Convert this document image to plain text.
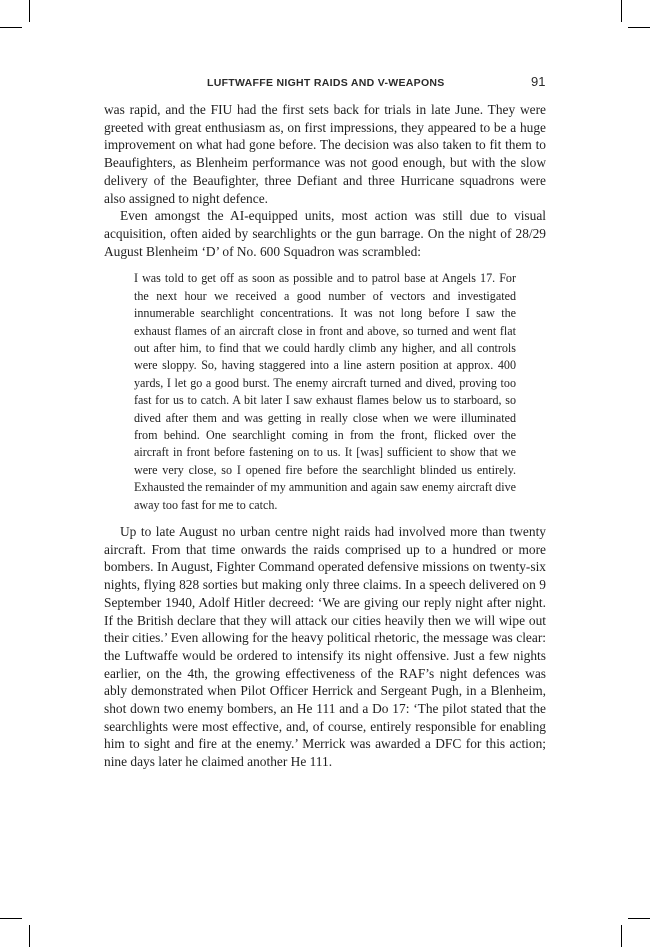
LUFTWAFFE NIGHT RAIDS AND V-WEAPONS	91

was rapid, and the FIU had the first sets back for trials in late June. They were greeted with great enthusiasm as, on first impressions, they appeared to be a huge improvement on what had gone before. The decision was also taken to fit them to Beaufighters, as Blenheim performance was not good enough, but with the slow delivery of the Beaufighter, three Defiant and three Hurricane squadrons were also assigned to night defence.

Even amongst the AI-equipped units, most action was still due to visual acquisition, often aided by searchlights or the gun barrage. On the night of 28/29 August Blenheim ‘D’ of No. 600 Squadron was scrambled:

I was told to get off as soon as possible and to patrol base at Angels 17. For the next hour we received a good number of vectors and investigated innumerable searchlight concentrations. It was not long before I saw the exhaust flames of an aircraft close in front and above, so turned and went flat out after him, to find that we could hardly climb any higher, and all controls were sloppy. So, having staggered into a line astern position at approx. 400 yards, I let go a good burst. The enemy aircraft turned and dived, proving too fast for us to catch. A bit later I saw exhaust flames below us to starboard, so dived after them and was getting in really close when we were illuminated from behind. One searchlight coming in from the front, flicked over the aircraft in front before fastening on to us. It [was] sufficient to show that we were very close, so I opened fire before the searchlight blinded us entirely. Exhausted the remainder of my ammunition and again saw enemy aircraft dive away too fast for me to catch.

Up to late August no urban centre night raids had involved more than twenty aircraft. From that time onwards the raids comprised up to a hundred or more bombers. In August, Fighter Command operated defensive missions on twenty-six nights, flying 828 sorties but making only three claims. In a speech delivered on 9 September 1940, Adolf Hitler decreed: ‘We are giving our reply night after night. If the British declare that they will attack our cities heavily then we will wipe out their cities.’ Even allowing for the heavy political rhetoric, the message was clear: the Luftwaffe would be ordered to intensify its night offensive. Just a few nights earlier, on the 4th, the growing effectiveness of the RAF’s night defences was ably demonstrated when Pilot Officer Herrick and Sergeant Pugh, in a Blenheim, shot down two enemy bombers, an He 111 and a Do 17: ‘The pilot stated that the searchlights were most effective, and, of course, entirely responsible for enabling him to sight and fire at the enemy.’ Merrick was awarded a DFC for this action; nine days later he claimed another He 111.
